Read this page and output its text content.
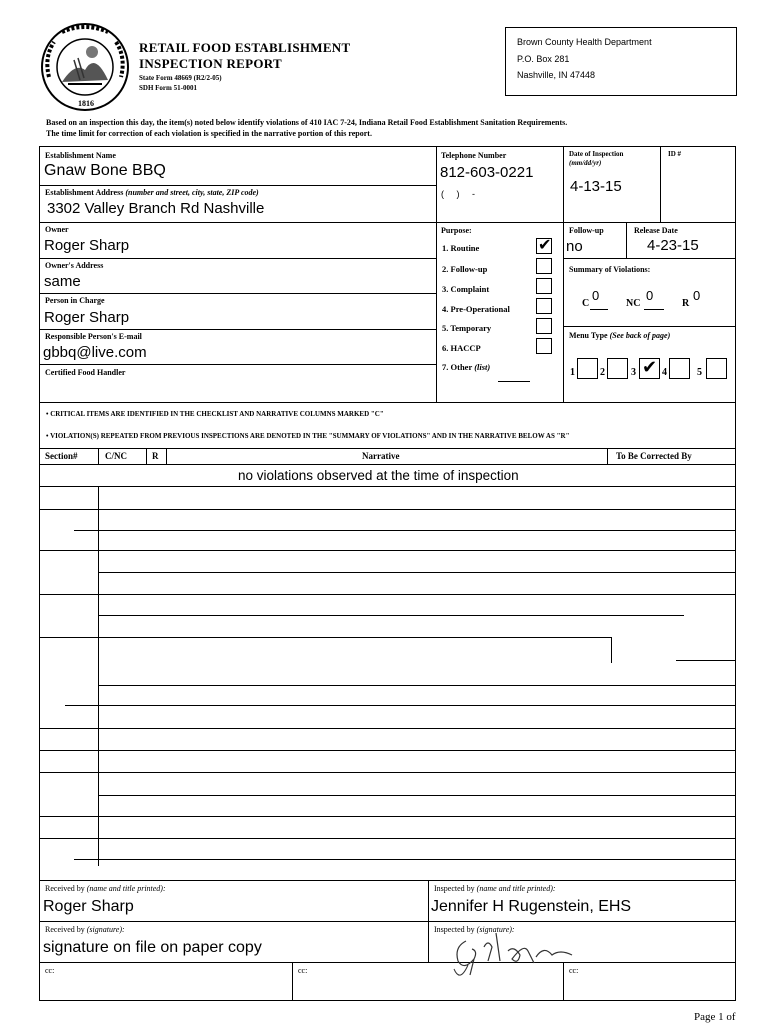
1816
RETAIL FOOD ESTABLISHMENT
INSPECTION REPORT
State Form 48669 (R2/2-05)
SDH Form 51-0001
Brown County Health Department
P.O. Box 281
Nashville, IN 47448
Based on an inspection this day, the item(s) noted below identify violations of 410 IAC 7-24, Indiana Retail Food Establishment Sanitation Requirements.
The time limit for correction of each violation is specified in the narrative portion of this report.
Establishment Name
Gnaw Bone BBQ
Establishment Address (number and street, city, state, ZIP code)
3302 Valley Branch Rd Nashville
Telephone Number
812-603-0221
(     )     -
Date of Inspection
(mm/dd/yr)
4-13-15
ID #
Owner
Roger Sharp
Purpose:
1. Routine
2. Follow-up
3. Complaint
4. Pre-Operational
5. Temporary
6. HACCP
7. Other (list)
✔
Follow-up
no
Release Date
4-23-15
Owner's Address
same
Summary of Violations:
C
0
NC
0
R
0
Person in Charge
Roger Sharp
Menu Type (See back of page)
1	2	3 ✔ 4	5
Responsible Person's E-mail
gbbq@live.com
Certified Food Handler
• CRITICAL ITEMS ARE IDENTIFIED IN THE CHECKLIST AND NARRATIVE COLUMNS MARKED "C"
• VIOLATION(S) REPEATED FROM PREVIOUS INSPECTIONS ARE DENOTED IN THE "SUMMARY OF VIOLATIONS" AND IN THE NARRATIVE BELOW AS "R"
Section#	C/NC	R	Narrative	To Be Corrected By
no violations observed at the time of inspection
Received by (name and title printed):
Roger Sharp
Inspected by (name and title printed):
Jennifer H Rugenstein, EHS
Received by (signature):
signature on file on paper copy
Inspected by (signature):
cc:	cc:	cc:
Page 1 of
